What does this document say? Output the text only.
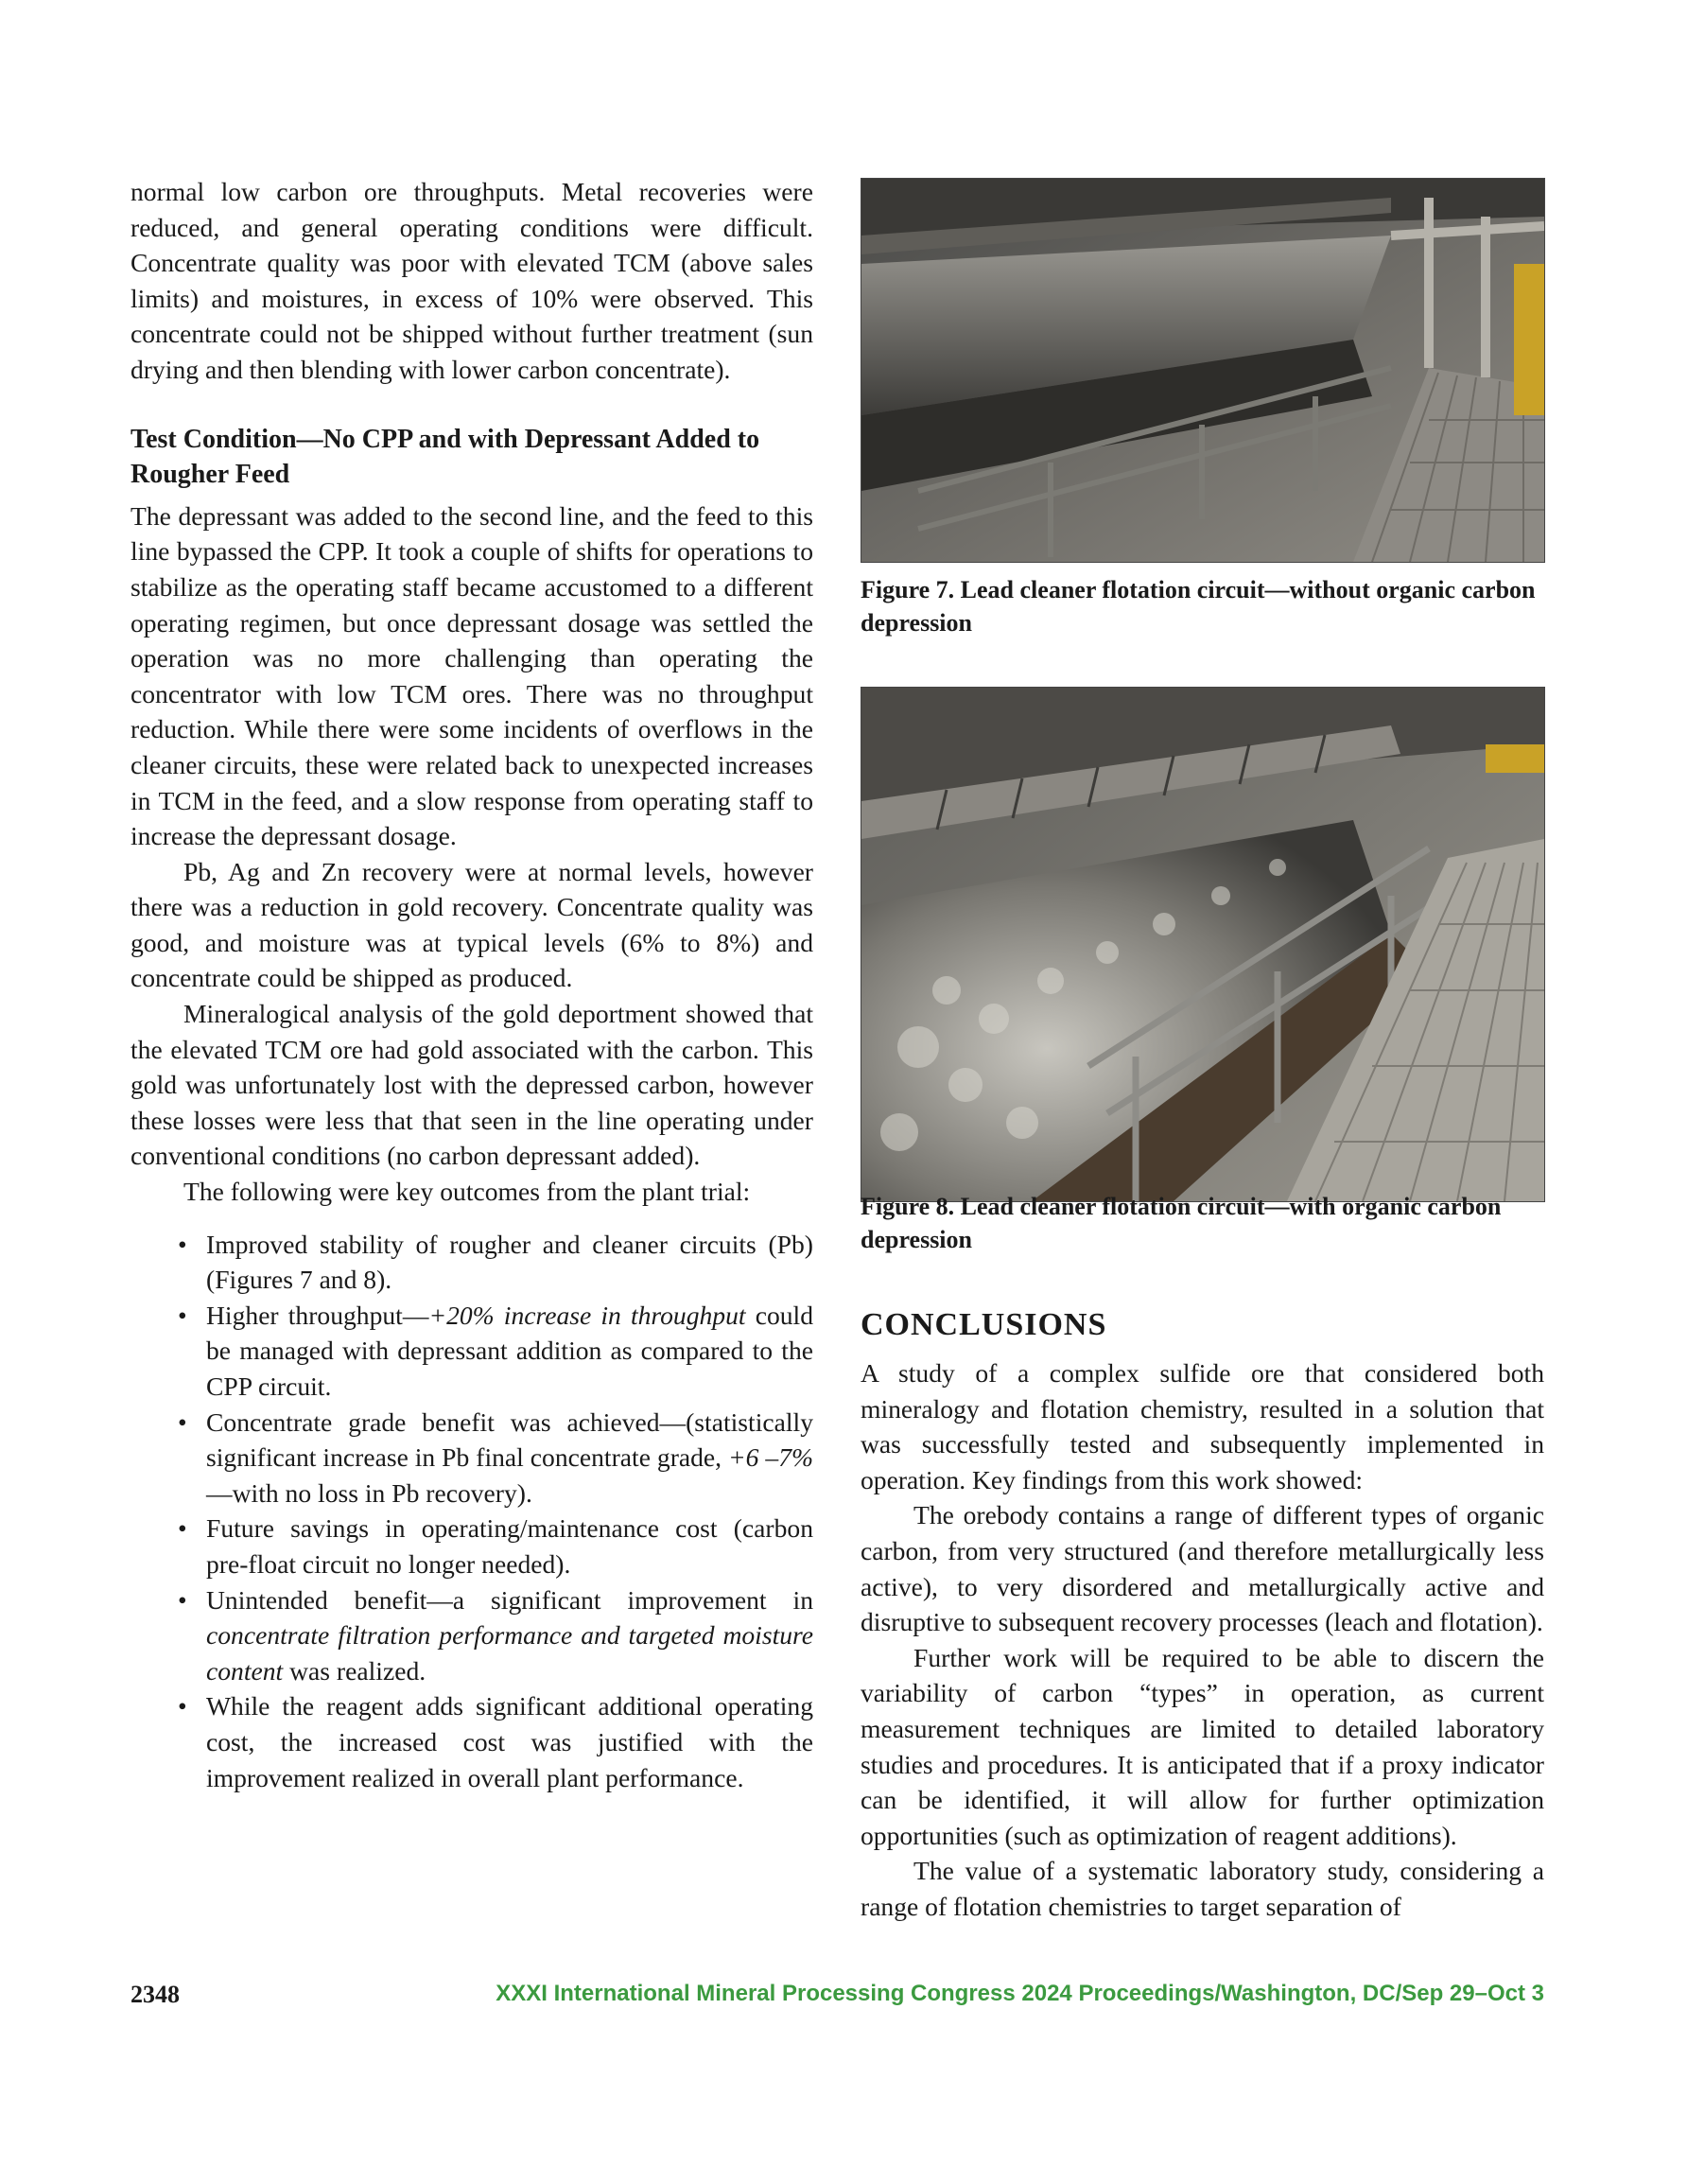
normal low carbon ore throughputs. Metal recoveries were reduced, and general operating conditions were difficult. Concentrate quality was poor with elevated TCM (above sales limits) and moistures, in excess of 10% were observed. This concentrate could not be shipped without further treatment (sun drying and then blending with lower carbon concentrate).

Test Condition—No CPP and with Depressant Added to Rougher Feed

The depressant was added to the second line, and the feed to this line bypassed the CPP. It took a couple of shifts for operations to stabilize as the operating staff became accustomed to a different operating regimen, but once depressant dosage was settled the operation was no more challenging than operating the concentrator with low TCM ores. There was no throughput reduction. While there were some incidents of overflows in the cleaner circuits, these were related back to unexpected increases in TCM in the feed, and a slow response from operating staff to increase the depressant dosage.

Pb, Ag and Zn recovery were at normal levels, however there was a reduction in gold recovery. Concentrate quality was good, and moisture was at typical levels (6% to 8%) and concentrate could be shipped as produced.

Mineralogical analysis of the gold deportment showed that the elevated TCM ore had gold associated with the carbon. This gold was unfortunately lost with the depressed carbon, however these losses were less that that seen in the line operating under conventional conditions (no carbon depressant added).

The following were key outcomes from the plant trial:

• Improved stability of rougher and cleaner circuits (Pb) (Figures 7 and 8).
• Higher throughput—+20% increase in throughput could be managed with depressant addition as compared to the CPP circuit.
• Concentrate grade benefit was achieved—(statistically significant increase in Pb final concentrate grade, +6 –7%—with no loss in Pb recovery).
• Future savings in operating/maintenance cost (carbon pre-float circuit no longer needed).
• Unintended benefit—a significant improvement in concentrate filtration performance and targeted moisture content was realized.
• While the reagent adds significant additional operating cost, the increased cost was justified with the improvement realized in overall plant performance.
Figure 7. Lead cleaner flotation circuit—without organic carbon depression
Figure 8. Lead cleaner flotation circuit—with organic carbon depression
CONCLUSIONS

A study of a complex sulfide ore that considered both mineralogy and flotation chemistry, resulted in a solution that was successfully tested and subsequently implemented in operation. Key findings from this work showed:

The orebody contains a range of different types of organic carbon, from very structured (and therefore metallurgically less active), to very disordered and metallurgically active and disruptive to subsequent recovery processes (leach and flotation).

Further work will be required to be able to discern the variability of carbon “types” in operation, as current measurement techniques are limited to detailed laboratory studies and procedures. It is anticipated that if a proxy indicator can be identified, it will allow for further optimization opportunities (such as optimization of reagent additions).

The value of a systematic laboratory study, considering a range of flotation chemistries to target separation of

2348	XXXI International Mineral Processing Congress 2024 Proceedings/Washington, DC/Sep 29–Oct 3
